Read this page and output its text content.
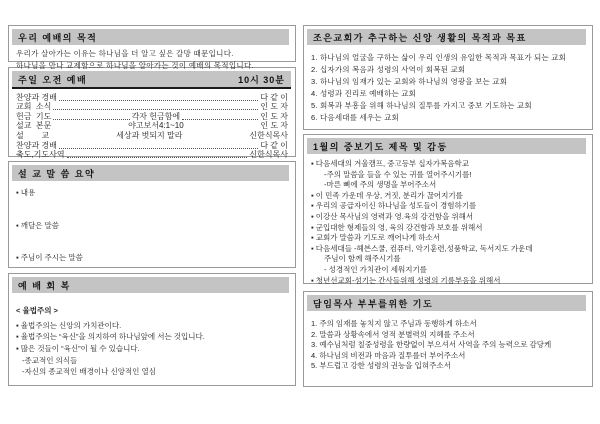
우리 예배의 목적
우리가 살아가는 이유는 하나님을 더 알고 싶은 갈망 때문입니다.
하나님을 만나 교제함으로 하나님을 알아가는 것이 예배의 목적입니다.
주일 오전 예배	10시 30분
찬양과 경배	다 같 이
교회  소식	인 도 자
헌금  기도	각자 헌금함에	인 도 자
설교  본문	야고보서4:1~10	인 도 자
설        교	세상과 벗되지 말라	신한식목사
찬양과 경배	다 같 이
축도,기도사역	신한식목사
설 교 말 씀 요약
▪ 내용
▪ 깨달은 말씀
▪ 주님이 주시는 말씀
예 배 회 복
< 율법주의 >
▪ 율법주의는 신앙의 가치관이다.
▪ 율법주의는 “육신”을 의지하여 하나님앞에 서는 것입니다.
▪ 많은 것들이 “육신”이 될 수 있습니다.
-종교적인 의식들
-자신의 종교적인 배경이나 신앙적인 열심
조은교회가 추구하는 신앙 생활의 목적과 목표
1. 하나님의 얼굴을 구하는 삶이 우리 인생의 유일한 목적과 목표가 되는 교회
2. 십자가의 복음과 성령의 사역이 회복된 교회
3. 하나님의 임재가 있는 교회와 하나님의 영광을 보는 교회
4. 성령과 진리로 예배하는 교회
5. 회복과 부흥을 위해 하나님의 질투를 가지고 중보 기도하는 교회
6. 다음세대를 세우는 교회
1월의 중보기도 제목 및 감동
▪ 다음세대의 겨울캠프, 중고등부 십자가복음학교
-주의 말씀을 들을 수 있는 귀를 열어주시기를!
-마른 뼈에 주의 생명을 부어주소서
▪ 이 민족 가운데 우상, 거짓, 분리가 끊어지기를
▪ 우리의 공급자이신 하나님을 성도들이 경험하기를
▪ 이강산 목사님의 영력과 영.육의 강건함을 위해서
▪ 군입대한 형제들의 영, 육의 강건함과 보호를 위해서
▪ 교회가 말씀과 기도로 깨어나게 하소서
▪ 다음세대들 -헤븐스쿨, 컴퓨터, 악기훈련,성품학교, 독서지도 가운데
주님이 함께 해주시기를
- 성경적인 가치관이 세워지기를
▪ 청년선교회-섬기는 간사들위해 성령의 기름부음을 위해서
담임목사 부부를위한 기도
1. 주의 임재를 놓치지 않고 주님과 동행하게 하소서
2. 말씀과 상황속에서 영적 분별력의 지혜를 주소서
3. 예수님처럼 칠중성령을 한량없이 부으셔서 사역을 주의 능력으로 감당케
4. 하나님의 비전과 마음과 질투를더 부어주소서
5. 부드럽고 강한 성령의 권능을 입혀주소서
